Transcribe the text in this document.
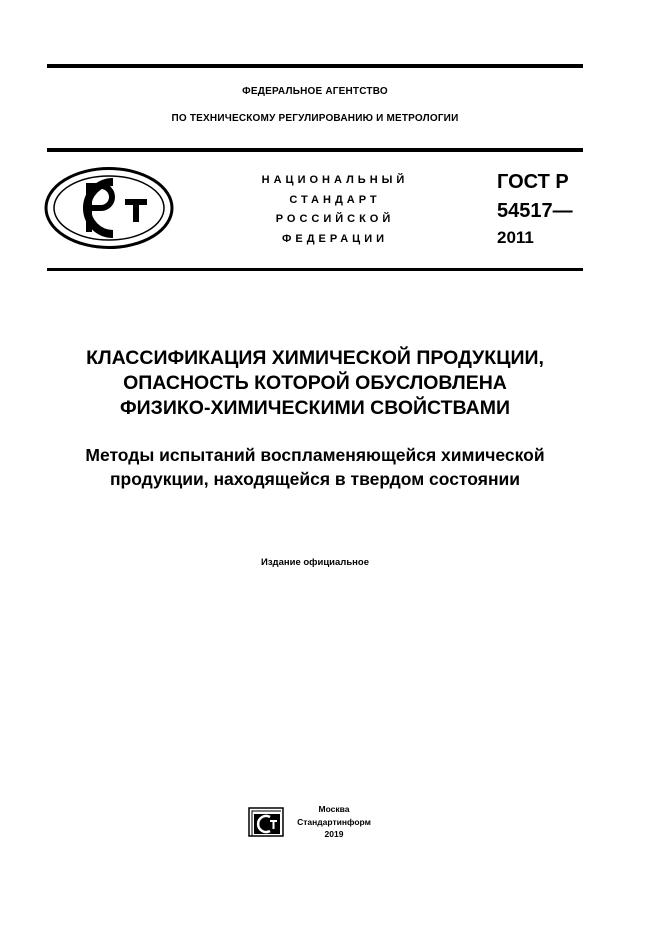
ФЕДЕРАЛЬНОЕ АГЕНТСТВО
ПО ТЕХНИЧЕСКОМУ РЕГУЛИРОВАНИЮ И МЕТРОЛОГИИ
НАЦИОНАЛЬНЫЙ
СТАНДАРТ
РОССИЙСКОЙ
ФЕДЕРАЦИИ
ГОСТ Р
54517—
2011
КЛАССИФИКАЦИЯ ХИМИЧЕСКОЙ ПРОДУКЦИИ,
ОПАСНОСТЬ КОТОРОЙ ОБУСЛОВЛЕНА
ФИЗИКО-ХИМИЧЕСКИМИ СВОЙСТВАМИ
Методы испытаний воспламеняющейся химической
продукции, находящейся в твердом состоянии
Издание официальное
Москва
Стандартинформ
2019
